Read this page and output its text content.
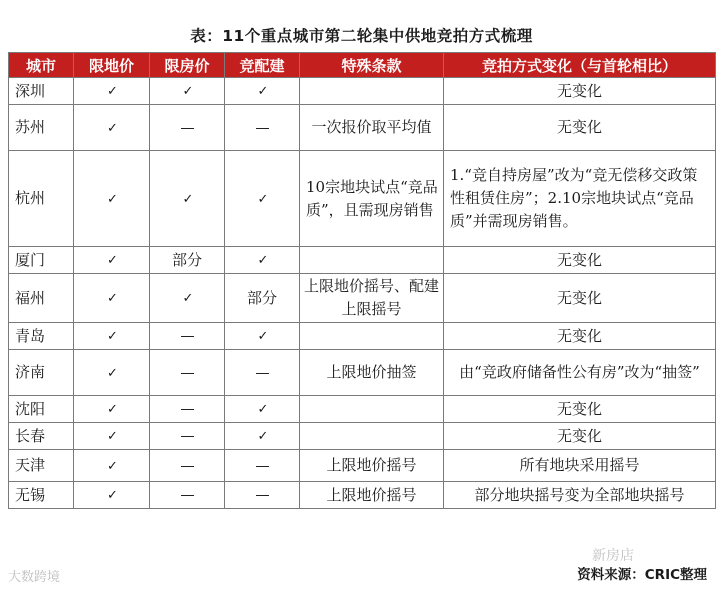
表：11个重点城市第二轮集中供地竞拍方式梳理
城市	限地价	限房价	竞配建	特殊条款	竞拍方式变化（与首轮相比）
深圳	✓	✓	✓		无变化
苏州	✓			一次报价取平均值	无变化
杭州	✓	✓	✓	10宗地块试点“竞品质”，且需现房销售	1.“竞自持房屋”改为“竞无偿移交政策性租赁住房”；2.10宗地块试点“竞品质”并需现房销售。
厦门	✓	部分	✓		无变化
福州	✓	✓	部分	上限地价摇号、配建上限摇号	无变化
青岛	✓		✓		无变化
济南	✓			上限地价抽签	由“竞政府储备性公有房”改为“抽签”
沈阳	✓		✓		无变化
长春	✓		✓		无变化
天津	✓			上限地价摇号	所有地块采用摇号
无锡	✓			上限地价摇号	部分地块摇号变为全部地块摇号
资料来源：CRIC整理
大数跨境
新房店
